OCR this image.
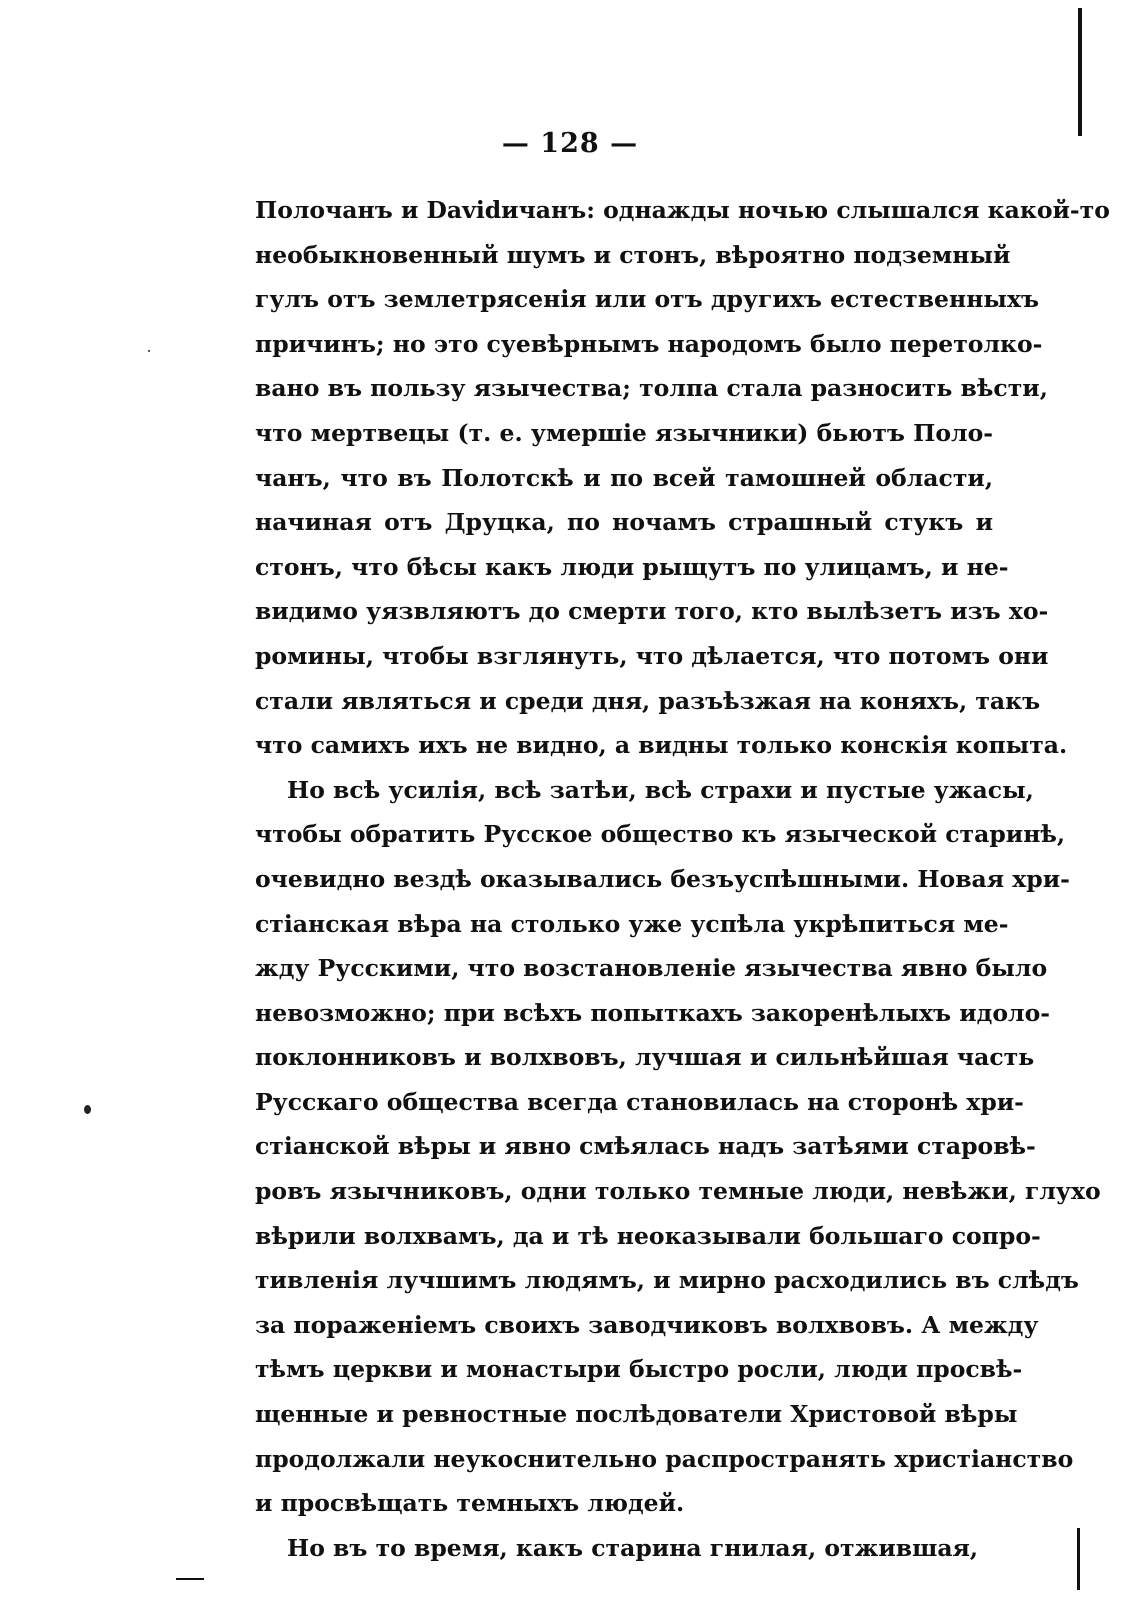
— 128 —
Полочанъ и Davidичанъ: однажды ночью слышался какой-то
необыкновенный шумъ и стонъ, вѣроятно подземный
гулъ отъ землетрясенія или отъ другихъ естественныхъ
причинъ; но это суевѣрнымъ народомъ было перетолко-
вано въ пользу язычества; толпа стала разносить вѣсти,
что мертвецы (т. е. умершіе язычники) бьютъ Поло-
чанъ, что въ Полотскѣ и по всей тамошней области,
начиная отъ Друцка, по ночамъ страшный стукъ и
стонъ, что бѣсы какъ люди рыщутъ по улицамъ, и не-
видимо уязвляютъ до смерти того, кто вылѣзетъ изъ хо-
ромины, чтобы взглянуть, что дѣлается, что потомъ они
стали являться и среди дня, разъѣзжая на коняхъ, такъ
что самихъ ихъ не видно, а видны только конскія копыта.
Но всѣ усилія, всѣ затѣи, всѣ страхи и пустые ужасы,
чтобы обратить Русское общество къ языческой старинѣ,
очевидно вездѣ оказывались безъуспѣшными. Новая хри-
стіанская вѣра на столько уже успѣла укрѣпиться ме-
жду Русскими, что возстановленіе язычества явно было
невозможно; при всѣхъ попыткахъ закоренѣлыхъ идоло-
поклонниковъ и волхвовъ, лучшая и сильнѣйшая часть
Русскаго общества всегда становилась на сторонѣ хри-
стіанской вѣры и явно смѣялась надъ затѣями старовѣ-
ровъ язычниковъ, одни только темные люди, невѣжи, глухо
вѣрили волхвамъ, да и тѣ неоказывали большаго сопро-
тивленія лучшимъ людямъ, и мирно расходились въ слѣдъ
за пораженіемъ своихъ заводчиковъ волхвовъ. А между
тѣмъ церкви и монастыри быстро росли, люди просвѣ-
щенные и ревностные послѣдователи Христовой вѣры
продолжали неукоснительно распространять христіанство
и просвѣщать темныхъ людей.
Но въ то время, какъ старина гнилая, отжившая,
